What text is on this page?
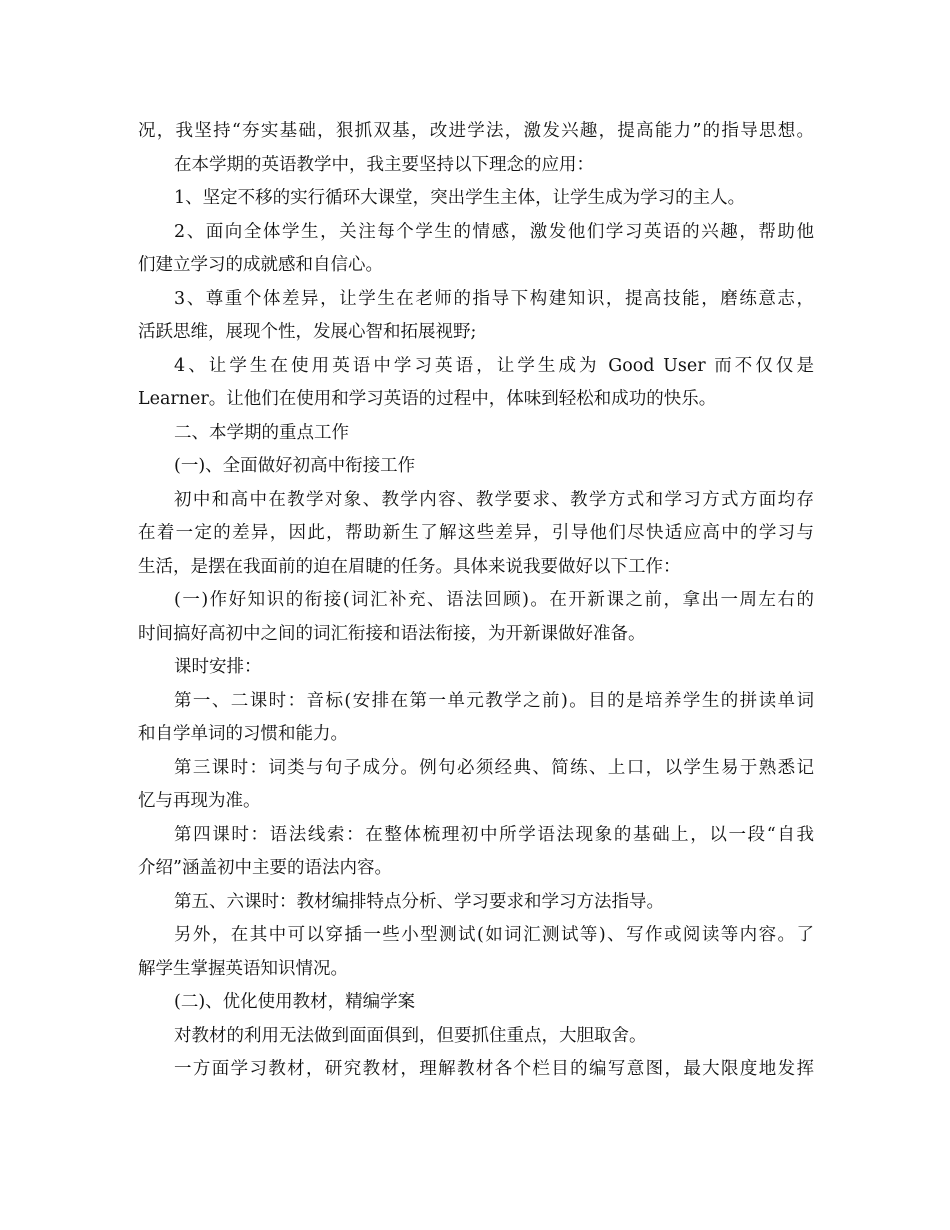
况，我坚持“夯实基础，狠抓双基，改进学法，激发兴趣，提高能力”的指导思想。
在本学期的英语教学中，我主要坚持以下理念的应用：
1、坚定不移的实行循环大课堂，突出学生主体，让学生成为学习的主人。
2、面向全体学生，关注每个学生的情感，激发他们学习英语的兴趣，帮助他
们建立学习的成就感和自信心。
3、尊重个体差异，让学生在老师的指导下构建知识，提高技能，磨练意志，
活跃思维，展现个性，发展心智和拓展视野;
4、让学生在使用英语中学习英语，让学生成为 Good User 而不仅仅是
Learner。让他们在使用和学习英语的过程中，体味到轻松和成功的快乐。
二、本学期的重点工作
(一)、全面做好初高中衔接工作
初中和高中在教学对象、教学内容、教学要求、教学方式和学习方式方面均存
在着一定的差异，因此，帮助新生了解这些差异，引导他们尽快适应高中的学习与
生活，是摆在我面前的迫在眉睫的任务。具体来说我要做好以下工作：
(一)作好知识的衔接(词汇补充、语法回顾)。在开新课之前，拿出一周左右的
时间搞好高初中之间的词汇衔接和语法衔接，为开新课做好准备。
课时安排：
第一、二课时：音标(安排在第一单元教学之前)。目的是培养学生的拼读单词
和自学单词的习惯和能力。
第三课时：词类与句子成分。例句必须经典、简练、上口，以学生易于熟悉记
忆与再现为准。
第四课时：语法线索：在整体梳理初中所学语法现象的基础上，以一段“自我
介绍”涵盖初中主要的语法内容。
第五、六课时：教材编排特点分析、学习要求和学习方法指导。
另外，在其中可以穿插一些小型测试(如词汇测试等)、写作或阅读等内容。了
解学生掌握英语知识情况。
(二)、优化使用教材，精编学案
对教材的利用无法做到面面俱到，但要抓住重点，大胆取舍。
一方面学习教材，研究教材，理解教材各个栏目的编写意图，最大限度地发挥
